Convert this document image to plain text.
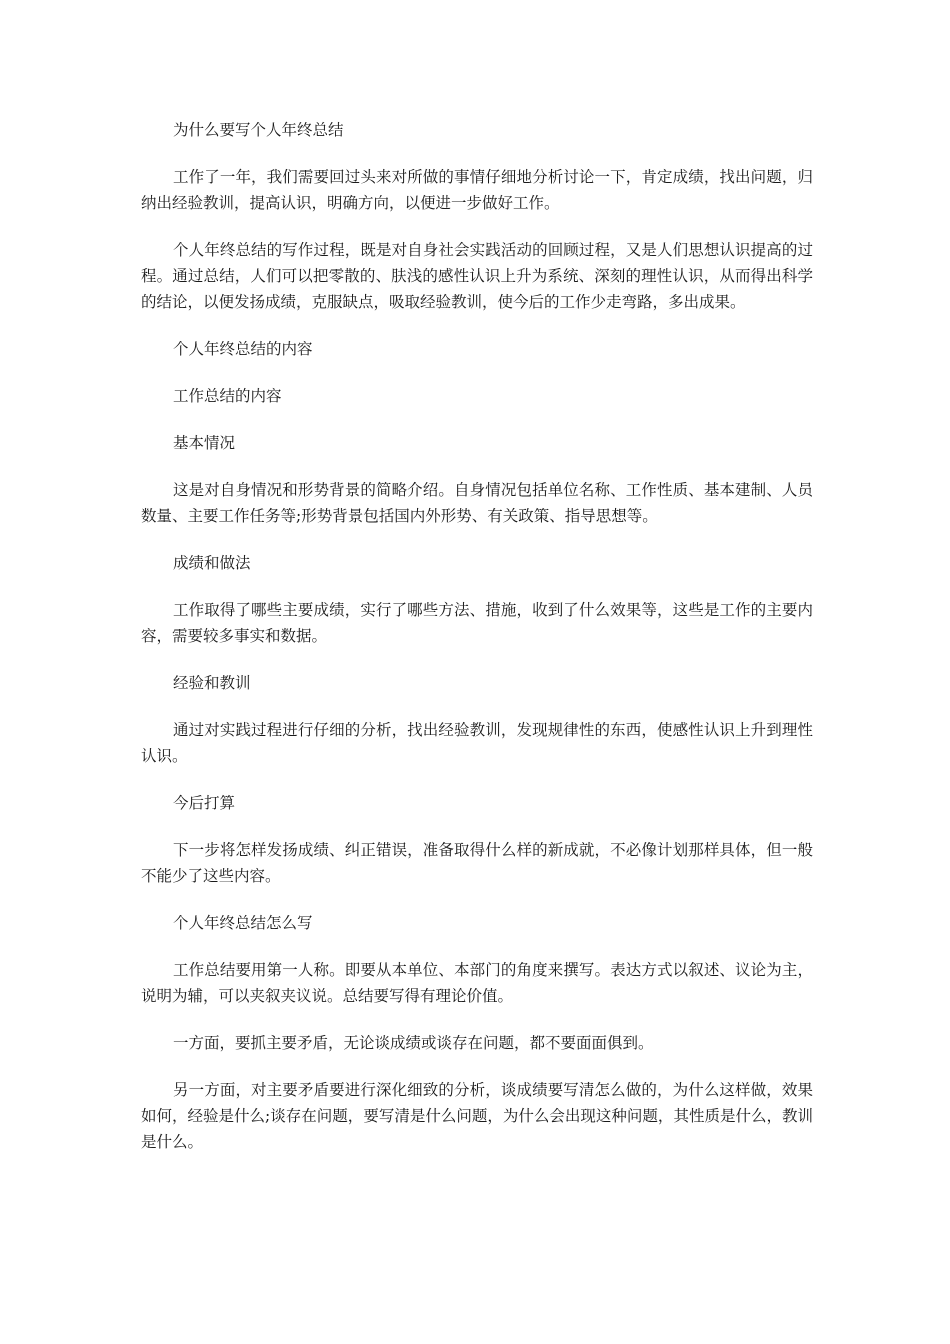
为什么要写个人年终总结

工作了一年，我们需要回过头来对所做的事情仔细地分析讨论一下，肯定成绩，找出问题，归纳出经验教训，提高认识，明确方向，以便进一步做好工作。

个人年终总结的写作过程，既是对自身社会实践活动的回顾过程，又是人们思想认识提高的过程。通过总结，人们可以把零散的、肤浅的感性认识上升为系统、深刻的理性认识，从而得出科学的结论，以便发扬成绩，克服缺点，吸取经验教训，使今后的工作少走弯路，多出成果。

个人年终总结的内容

工作总结的内容

基本情况

这是对自身情况和形势背景的简略介绍。自身情况包括单位名称、工作性质、基本建制、人员数量、主要工作任务等;形势背景包括国内外形势、有关政策、指导思想等。

成绩和做法

工作取得了哪些主要成绩，实行了哪些方法、措施，收到了什么效果等，这些是工作的主要内容，需要较多事实和数据。

经验和教训

通过对实践过程进行仔细的分析，找出经验教训，发现规律性的东西，使感性认识上升到理性认识。

今后打算

下一步将怎样发扬成绩、纠正错误，准备取得什么样的新成就，不必像计划那样具体，但一般不能少了这些内容。

个人年终总结怎么写

工作总结要用第一人称。即要从本单位、本部门的角度来撰写。表达方式以叙述、议论为主，说明为辅，可以夹叙夹议说。总结要写得有理论价值。

一方面，要抓主要矛盾，无论谈成绩或谈存在问题，都不要面面俱到。

另一方面，对主要矛盾要进行深化细致的分析，谈成绩要写清怎么做的，为什么这样做，效果如何，经验是什么;谈存在问题，要写清是什么问题，为什么会出现这种问题，其性质是什么，教训是什么。
